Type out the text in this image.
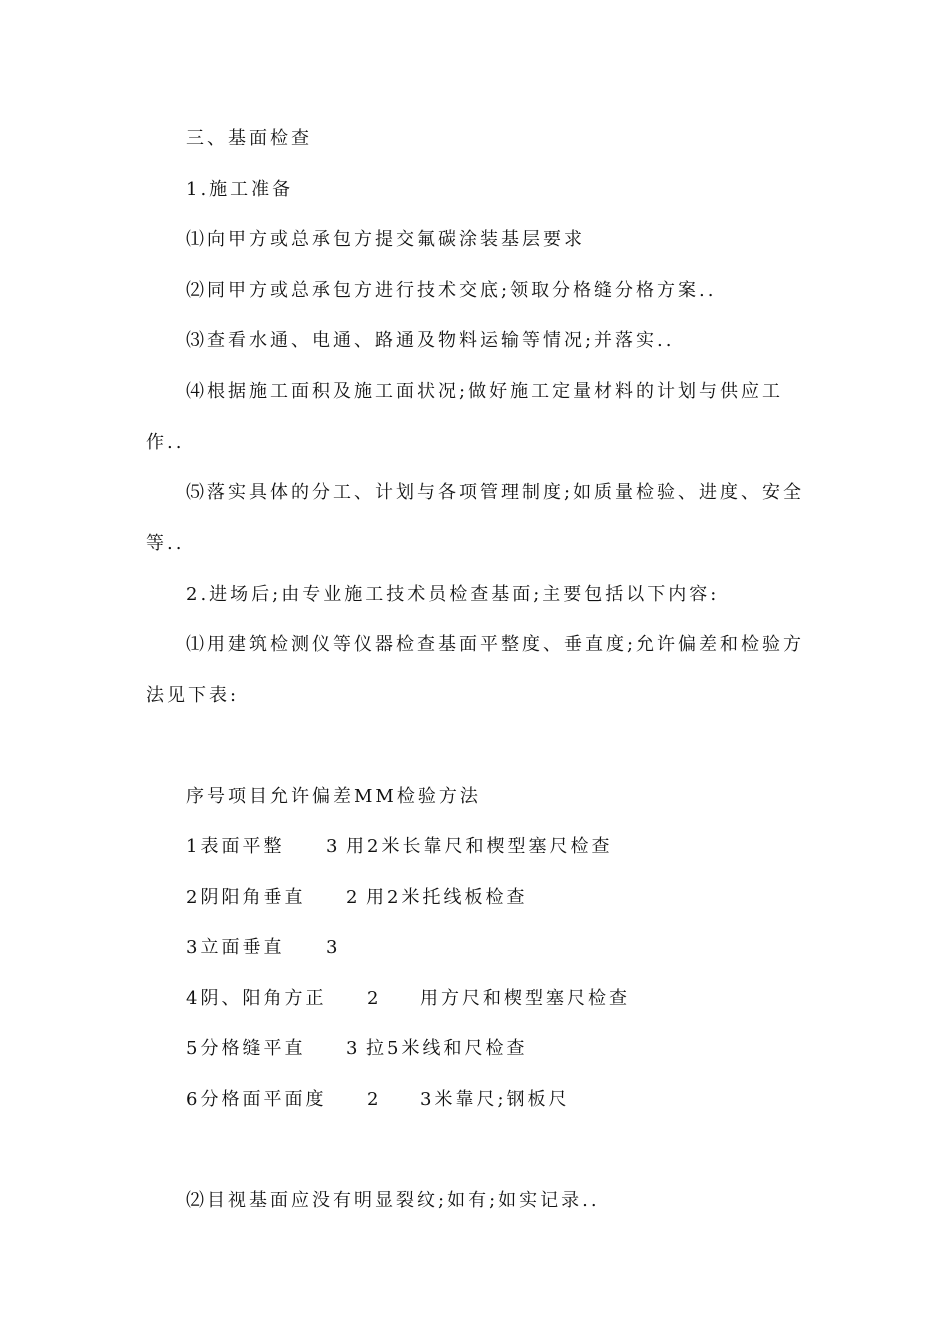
三、基面检查
1.施工准备
⑴向甲方或总承包方提交氟碳涂装基层要求
⑵同甲方或总承包方进行技术交底;领取分格缝分格方案..
⑶查看水通、电通、路通及物料运输等情况;并落实..
⑷根据施工面积及施工面状况;做好施工定量材料的计划与供应工
作..
⑸落实具体的分工、计划与各项管理制度;如质量检验、进度、安全
等..
2.进场后;由专业施工技术员检查基面;主要包括以下内容:
⑴用建筑检测仪等仪器检查基面平整度、垂直度;允许偏差和检验方
法见下表:
序号项目允许偏差MM检验方法
1表面平整 3 用2米长靠尺和楔型塞尺检查
2阴阳角垂直 2 用2米托线板检查
3立面垂直 3
4阴、阳角方正 2 用方尺和楔型塞尺检查
5分格缝平直 3 拉5米线和尺检查
6分格面平面度 2 3米靠尺;钢板尺
⑵目视基面应没有明显裂纹;如有;如实记录..
